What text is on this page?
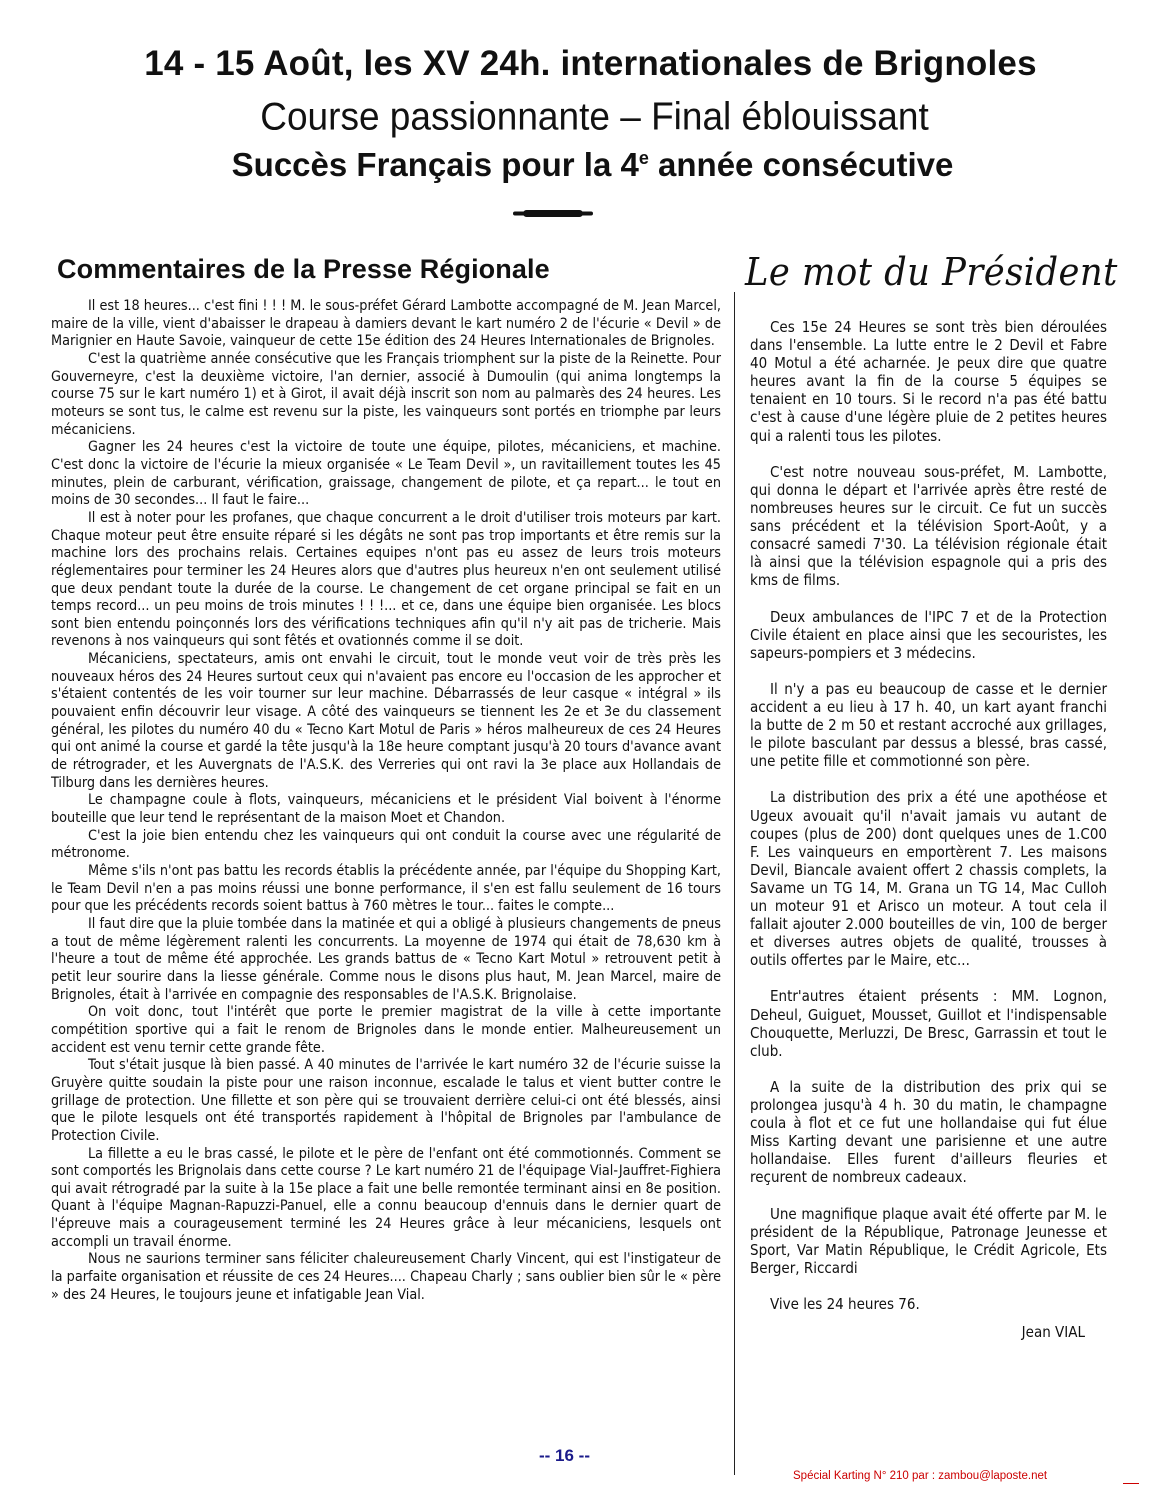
14 - 15 Août, les XV 24h. internationales de Brignoles
Course passionnante – Final éblouissant
Succès Français pour la 4e année consécutive
Commentaires de la Presse Régionale	Le mot du Président

Il est 18 heures... c'est fini ! ! ! M. le sous-préfet Gérard Lambotte accompagné de M. Jean Marcel, maire de la ville, vient d'abaisser le drapeau à damiers devant le kart numéro 2 de l'écurie « Devil » de Marignier en Haute Savoie, vainqueur de cette 15e édition des 24 Heures Internationales de Brignoles.

C'est la quatrième année consécutive que les Français triomphent sur la piste de la Reinette. Pour Gouverneyre, c'est la deuxième victoire, l'an dernier, associé à Dumoulin (qui anima longtemps la course 75 sur le kart numéro 1) et à Girot, il avait déjà inscrit son nom au palmarès des 24 heures. Les moteurs se sont tus, le calme est revenu sur la piste, les vainqueurs sont portés en triomphe par leurs mécaniciens.

Gagner les 24 heures c'est la victoire de toute une équipe, pilotes, mécaniciens, et machine. C'est donc la victoire de l'écurie la mieux organisée « Le Team Devil », un ravitaillement toutes les 45 minutes, plein de carburant, vérification, graissage, changement de pilote, et ça repart... le tout en moins de 30 secondes... Il faut le faire...

Il est à noter pour les profanes, que chaque concurrent a le droit d'utiliser trois moteurs par kart. Chaque moteur peut être ensuite réparé si les dégâts ne sont pas trop importants et être remis sur la machine lors des prochains relais. Certaines equipes n'ont pas eu assez de leurs trois moteurs réglementaires pour terminer les 24 Heures alors que d'autres plus heureux n'en ont seulement utilisé que deux pendant toute la durée de la course. Le changement de cet organe principal se fait en un temps record... un peu moins de trois minutes ! ! !... et ce, dans une équipe bien organisée. Les blocs sont bien entendu poinçonnés lors des vérifications techniques afin qu'il n'y ait pas de tricherie. Mais revenons à nos vainqueurs qui sont fêtés et ovationnés comme il se doit.

Mécaniciens, spectateurs, amis ont envahi le circuit, tout le monde veut voir de très près les nouveaux héros des 24 Heures surtout ceux qui n'avaient pas encore eu l'occasion de les approcher et s'étaient contentés de les voir tourner sur leur machine. Débarrassés de leur casque « intégral » ils pouvaient enfin découvrir leur visage. A côté des vainqueurs se tiennent les 2e et 3e du classement général, les pilotes du numéro 40 du « Tecno Kart Motul de Paris » héros malheureux de ces 24 Heures qui ont animé la course et gardé la tête jusqu'à la 18e heure comptant jusqu'à 20 tours d'avance avant de rétrograder, et les Auvergnats de l'A.S.K. des Verreries qui ont ravi la 3e place aux Hollandais de Tilburg dans les dernières heures.

Le champagne coule à flots, vainqueurs, mécaniciens et le président Vial boivent à l'énorme bouteille que leur tend le représentant de la maison Moet et Chandon.

C'est la joie bien entendu chez les vainqueurs qui ont conduit la course avec une régularité de métronome.

Même s'ils n'ont pas battu les records établis la précédente année, par l'équipe du Shopping Kart, le Team Devil n'en a pas moins réussi une bonne performance, il s'en est fallu seulement de 16 tours pour que les précédents records soient battus à 760 mètres le tour... faites le compte...

Il faut dire que la pluie tombée dans la matinée et qui a obligé à plusieurs changements de pneus a tout de même légèrement ralenti les concurrents. La moyenne de 1974 qui était de 78,630 km à l'heure a tout de même été approchée. Les grands battus de « Tecno Kart Motul » retrouvent petit à petit leur sourire dans la liesse générale. Comme nous le disons plus haut, M. Jean Marcel, maire de Brignoles, était à l'arrivée en compagnie des responsables de l'A.S.K. Brignolaise.

On voit donc, tout l'intérêt que porte le premier magistrat de la ville à cette importante compétition sportive qui a fait le renom de Brignoles dans le monde entier. Malheureusement un accident est venu ternir cette grande fête.

Tout s'était jusque là bien passé. A 40 minutes de l'arrivée le kart numéro 32 de l'écurie suisse la Gruyère quitte soudain la piste pour une raison inconnue, escalade le talus et vient butter contre le grillage de protection. Une fillette et son père qui se trouvaient derrière celui-ci ont été blessés, ainsi que le pilote lesquels ont été transportés rapidement à l'hôpital de Brignoles par l'ambulance de Protection Civile.

La fillette a eu le bras cassé, le pilote et le père de l'enfant ont été commotionnés. Comment se sont comportés les Brignolais dans cette course ? Le kart numéro 21 de l'équipage Vial-Jauffret-Fighiera qui avait rétrogradé par la suite à la 15e place a fait une belle remontée terminant ainsi en 8e position. Quant à l'équipe Magnan-Rapuzzi-Panuel, elle a connu beaucoup d'ennuis dans le dernier quart de l'épreuve mais a courageusement terminé les 24 Heures grâce à leur mécaniciens, lesquels ont accompli un travail énorme.

Nous ne saurions terminer sans féliciter chaleureusement Charly Vincent, qui est l'instigateur de la parfaite organisation et réussite de ces 24 Heures.... Chapeau Charly ; sans oublier bien sûr le « père » des 24 Heures, le toujours jeune et infatigable Jean Vial.

Ces 15e 24 Heures se sont très bien déroulées dans l'ensemble. La lutte entre le 2 Devil et Fabre 40 Motul a été acharnée. Je peux dire que quatre heures avant la fin de la course 5 équipes se tenaient en 10 tours. Si le record n'a pas été battu c'est à cause d'une légère pluie de 2 petites heures qui a ralenti tous les pilotes.

C'est notre nouveau sous-préfet, M. Lambotte, qui donna le départ et l'arrivée après être resté de nombreuses heures sur le circuit. Ce fut un succès sans précédent et la télévision Sport-Août, y a consacré samedi 7'30. La télévision régionale était là ainsi que la télévision espagnole qui a pris des kms de films.

Deux ambulances de l'IPC 7 et de la Protection Civile étaient en place ainsi que les secouristes, les sapeurs-pompiers et 3 médecins.

Il n'y a pas eu beaucoup de casse et le dernier accident a eu lieu à 17 h. 40, un kart ayant franchi la butte de 2 m 50 et restant accroché aux grillages, le pilote basculant par dessus a blessé, bras cassé, une petite fille et commotionné son père.

La distribution des prix a été une apothéose et Ugeux avouait qu'il n'avait jamais vu autant de coupes (plus de 200) dont quelques unes de 1.C00 F. Les vainqueurs en emportèrent 7. Les maisons Devil, Biancale avaient offert 2 chassis complets, la Savame un TG 14, M. Grana un TG 14, Mac Culloh un moteur 91 et Arisco un moteur. A tout cela il fallait ajouter 2.000 bouteilles de vin, 100 de berger et diverses autres objets de qualité, trousses à outils offertes par le Maire, etc...

Entr'autres étaient présents : MM. Lognon, Deheul, Guiguet, Mousset, Guillot et l'indispensable Chouquette, Merluzzi, De Bresc, Garrassin et tout le club.

A la suite de la distribution des prix qui se prolongea jusqu'à 4 h. 30 du matin, le champagne coula à flot et ce fut une hollandaise qui fut élue Miss Karting devant une parisienne et une autre hollandaise. Elles furent d'ailleurs fleuries et reçurent de nombreux cadeaux.

Une magnifique plaque avait été offerte par M. le président de la République, Patronage Jeunesse et Sport, Var Matin République, le Crédit Agricole, Ets Berger, Riccardi

Vive les 24 heures 76.

Jean VIAL

-- 16 --
Spécial Karting N° 210 par : zambou@laposte.net
